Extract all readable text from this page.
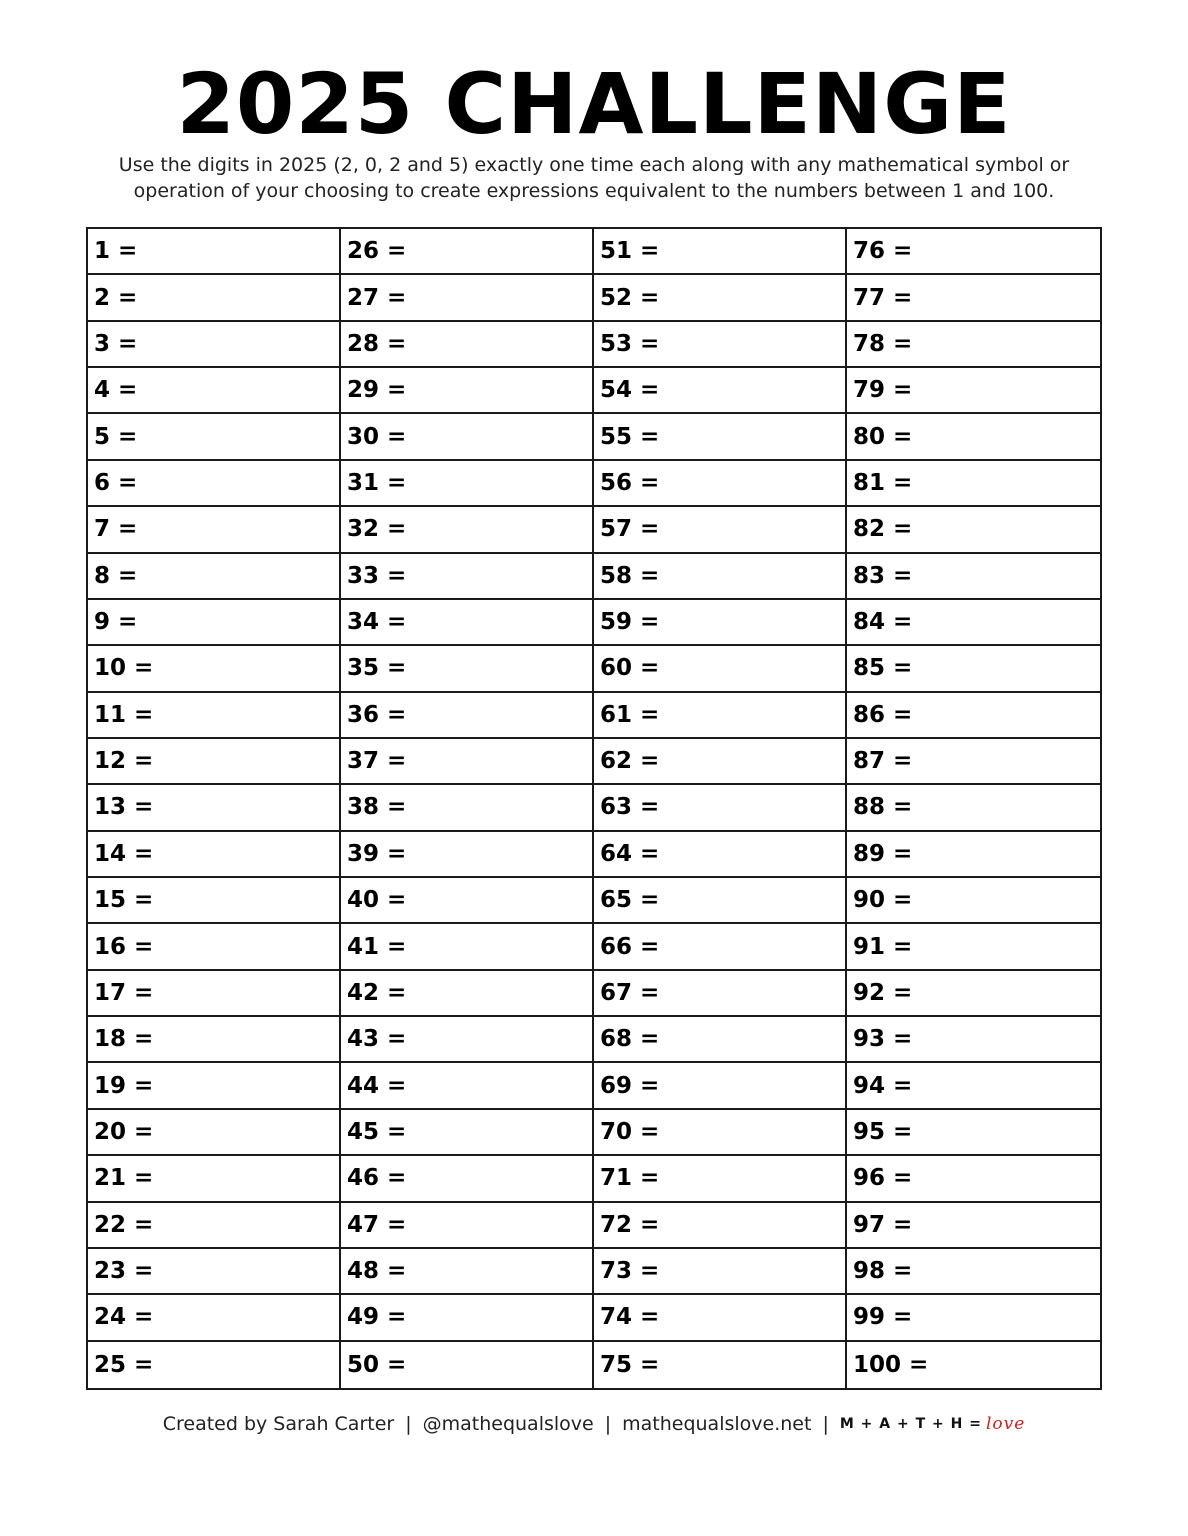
2025 CHALLENGE
Use the digits in 2025 (2, 0, 2 and 5) exactly one time each along with any mathematical symbol or
operation of your choosing to create expressions equivalent to the numbers between 1 and 100.
1 =
2 =
3 =
4 =
5 =
6 =
7 =
8 =
9 =
10 =
11 =
12 =
13 =
14 =
15 =
16 =
17 =
18 =
19 =
20 =
21 =
22 =
23 =
24 =
25 =
26 =
27 =
28 =
29 =
30 =
31 =
32 =
33 =
34 =
35 =
36 =
37 =
38 =
39 =
40 =
41 =
42 =
43 =
44 =
45 =
46 =
47 =
48 =
49 =
50 =
51 =
52 =
53 =
54 =
55 =
56 =
57 =
58 =
59 =
60 =
61 =
62 =
63 =
64 =
65 =
66 =
67 =
68 =
69 =
70 =
71 =
72 =
73 =
74 =
75 =
76 =
77 =
78 =
79 =
80 =
81 =
82 =
83 =
84 =
85 =
86 =
87 =
88 =
89 =
90 =
91 =
92 =
93 =
94 =
95 =
96 =
97 =
98 =
99 =
100 =
Created by Sarah Carter | @mathequalslove | mathequalslove.net | M + A + T + H = love
